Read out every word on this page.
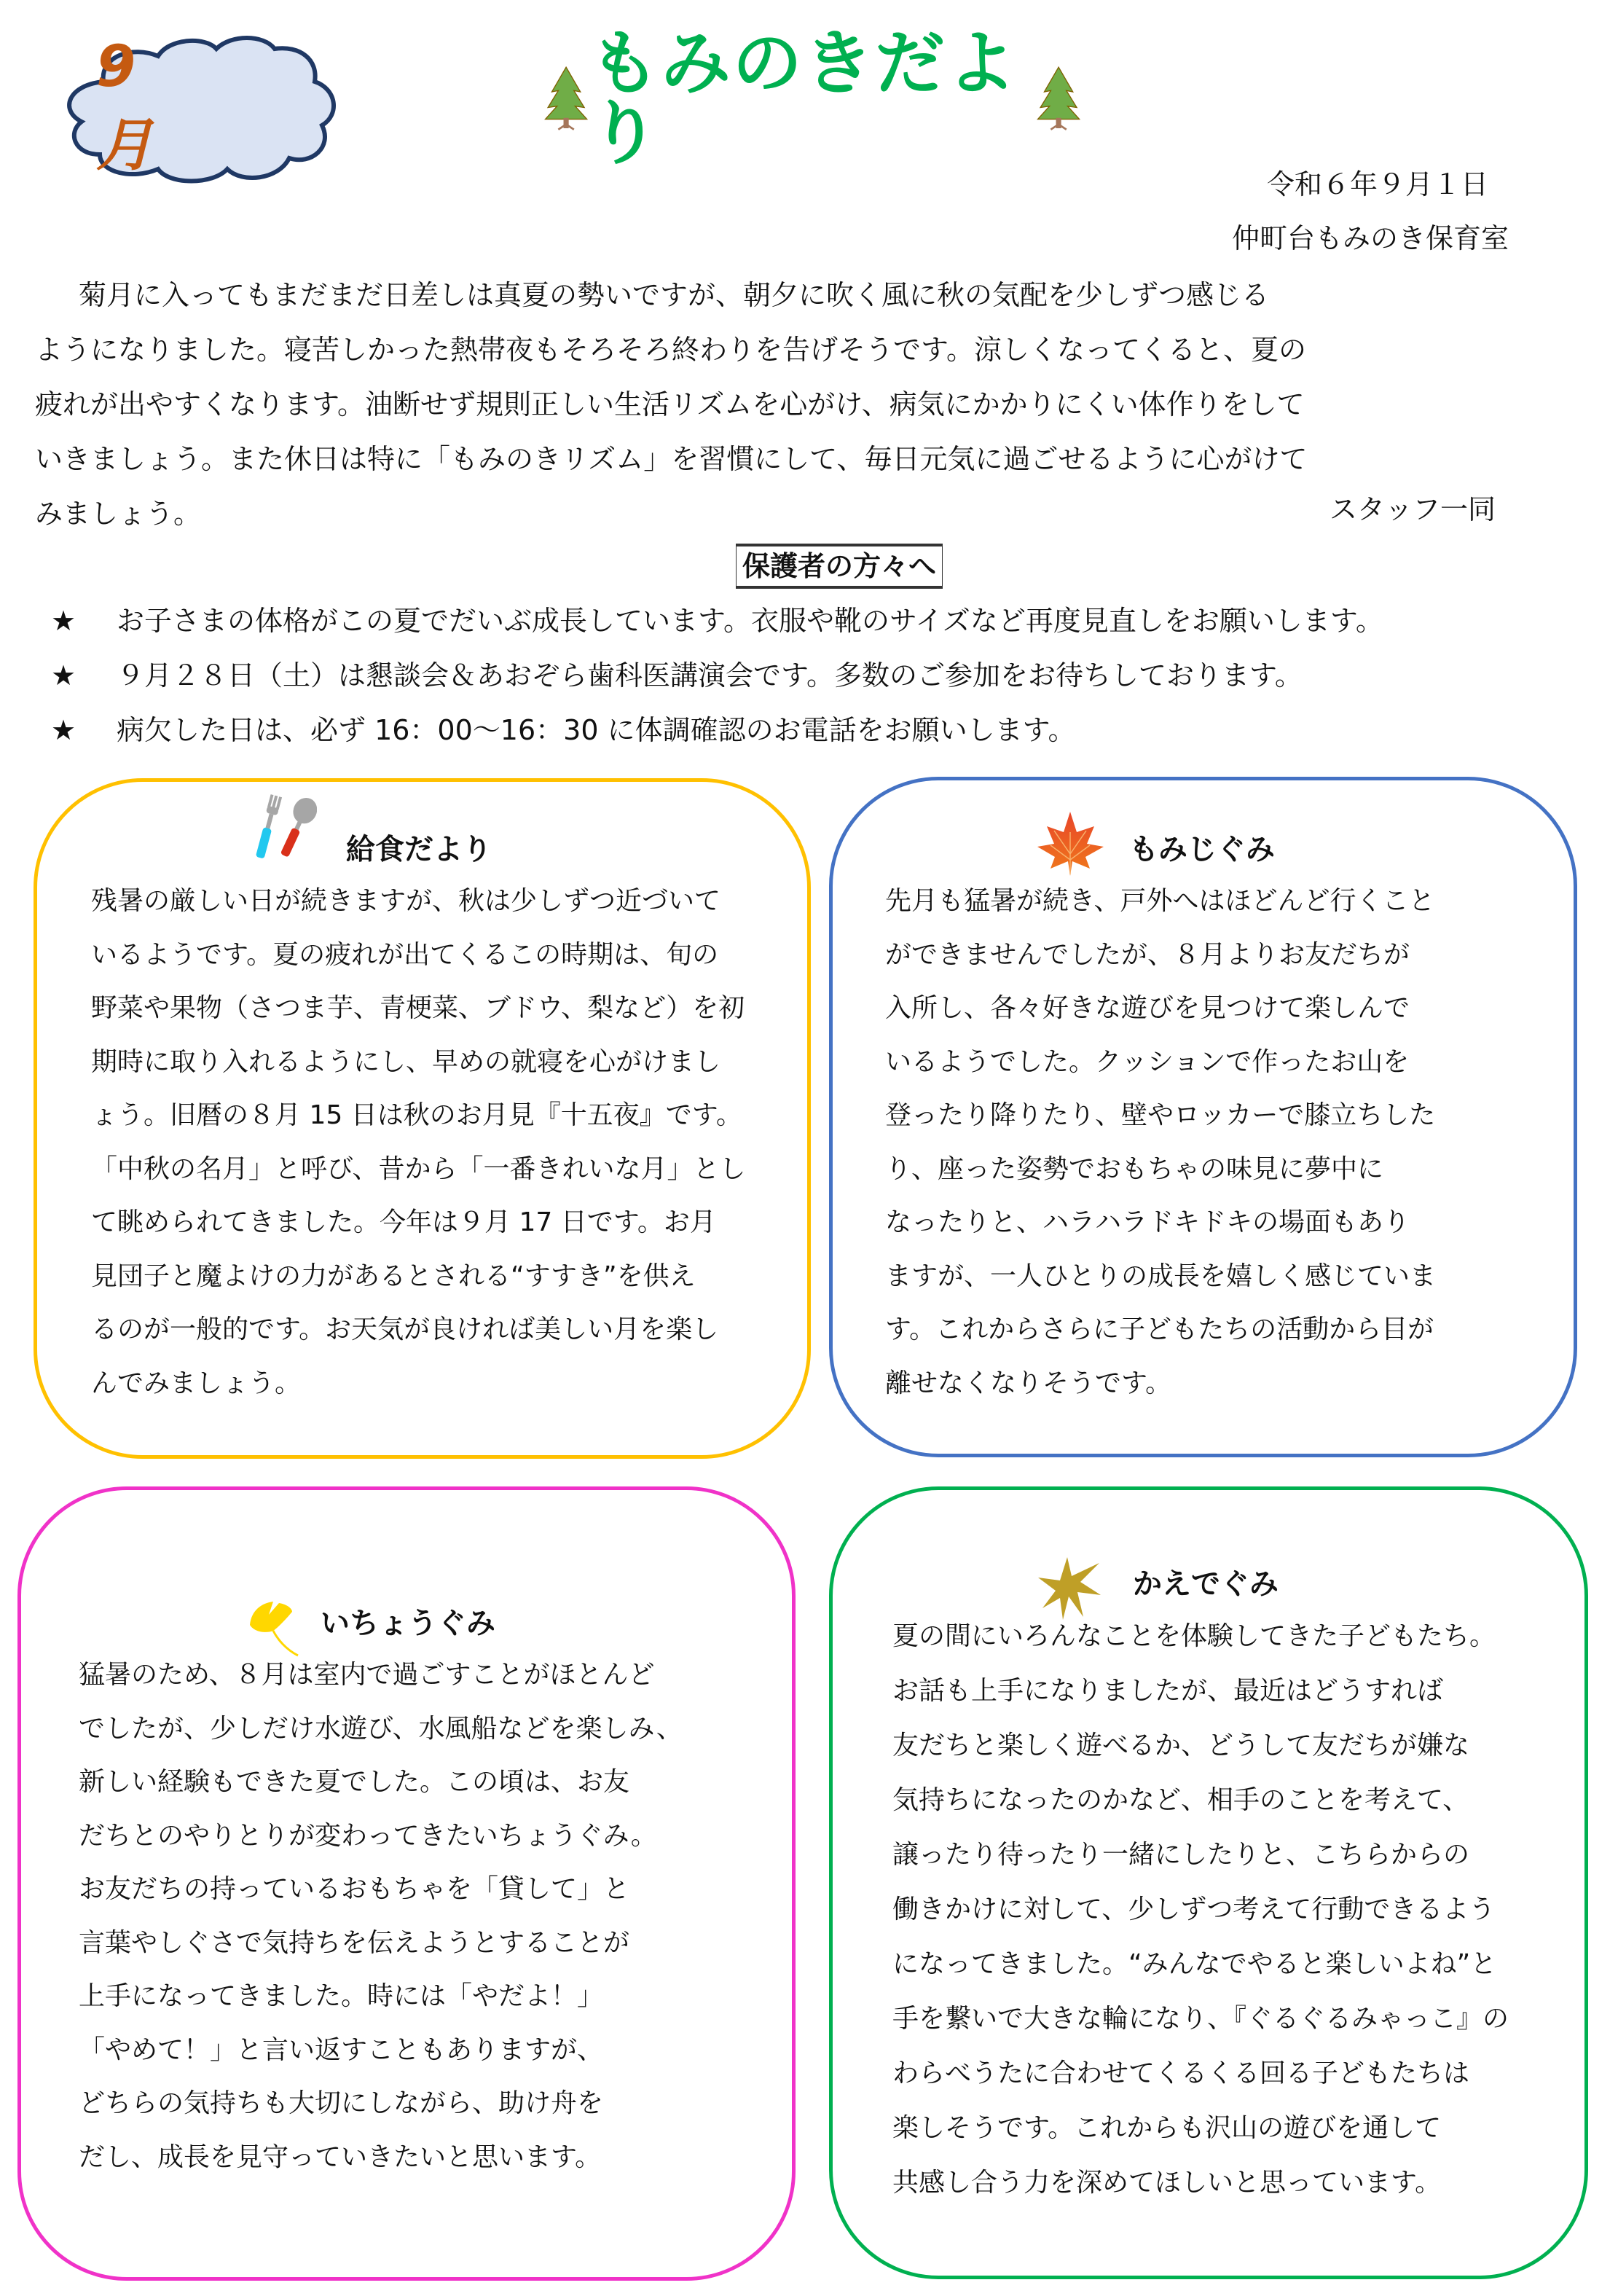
9 月
もみのきだより
令和６年９月１日
仲町台もみのき保育室
菊月に入ってもまだまだ日差しは真夏の勢いですが、朝夕に吹く風に秋の気配を少しずつ感じる
ようになりました。寝苦しかった熱帯夜もそろそろ終わりを告げそうです。涼しくなってくると、夏の
疲れが出やすくなります。油断せず規則正しい生活リズムを心がけ、病気にかかりにくい体作りをして
いきましょう。また休日は特に「もみのきリズム」を習慣にして、毎日元気に過ごせるように心がけて
みましょう。	スタッフ一同
保護者の方々へ
★	お子さまの体格がこの夏でだいぶ成長しています。衣服や靴のサイズなど再度見直しをお願いします。
★	９月２８日（土）は懇談会＆あおぞら歯科医講演会です。多数のご参加をお待ちしております。
★	病欠した日は、必ず 16：00～16：30 に体調確認のお電話をお願いします。
給食だより
残暑の厳しい日が続きますが、秋は少しずつ近づいて
いるようです。夏の疲れが出てくるこの時期は、旬の
野菜や果物（さつま芋、青梗菜、ブドウ、梨など）を初
期時に取り入れるようにし、早めの就寝を心がけまし
ょう。旧暦の８月 15 日は秋のお月見『十五夜』です。
「中秋の名月」と呼び、昔から「一番きれいな月」とし
て眺められてきました。今年は９月 17 日です。お月
見団子と魔よけの力があるとされる“すすき”を供え
るのが一般的です。お天気が良ければ美しい月を楽し
んでみましょう。
もみじぐみ
先月も猛暑が続き、戸外へはほどんど行くこと
ができませんでしたが、８月よりお友だちが
入所し、各々好きな遊びを見つけて楽しんで
いるようでした。クッションで作ったお山を
登ったり降りたり、壁やロッカーで膝立ちした
り、座った姿勢でおもちゃの味見に夢中に
なったりと、ハラハラドキドキの場面もあり
ますが、一人ひとりの成長を嬉しく感じていま
す。これからさらに子どもたちの活動から目が
離せなくなりそうです。
いちょうぐみ
猛暑のため、８月は室内で過ごすことがほとんど
でしたが、少しだけ水遊び、水風船などを楽しみ、
新しい経験もできた夏でした。この頃は、お友
だちとのやりとりが変わってきたいちょうぐみ。
お友だちの持っているおもちゃを「貸して」と
言葉やしぐさで気持ちを伝えようとすることが
上手になってきました。時には「やだよ！」
「やめて！」と言い返すこともありますが、
どちらの気持ちも大切にしながら、助け舟を
だし、成長を見守っていきたいと思います。
かえでぐみ
夏の間にいろんなことを体験してきた子どもたち。
お話も上手になりましたが、最近はどうすれば
友だちと楽しく遊べるか、どうして友だちが嫌な
気持ちになったのかなど、相手のことを考えて、
譲ったり待ったり一緒にしたりと、こちらからの
働きかけに対して、少しずつ考えて行動できるよう
になってきました。“みんなでやると楽しいよね”と
手を繋いで大きな輪になり、『ぐるぐるみゃっこ』の
わらべうたに合わせてくるくる回る子どもたちは
楽しそうです。これからも沢山の遊びを通して
共感し合う力を深めてほしいと思っています。
